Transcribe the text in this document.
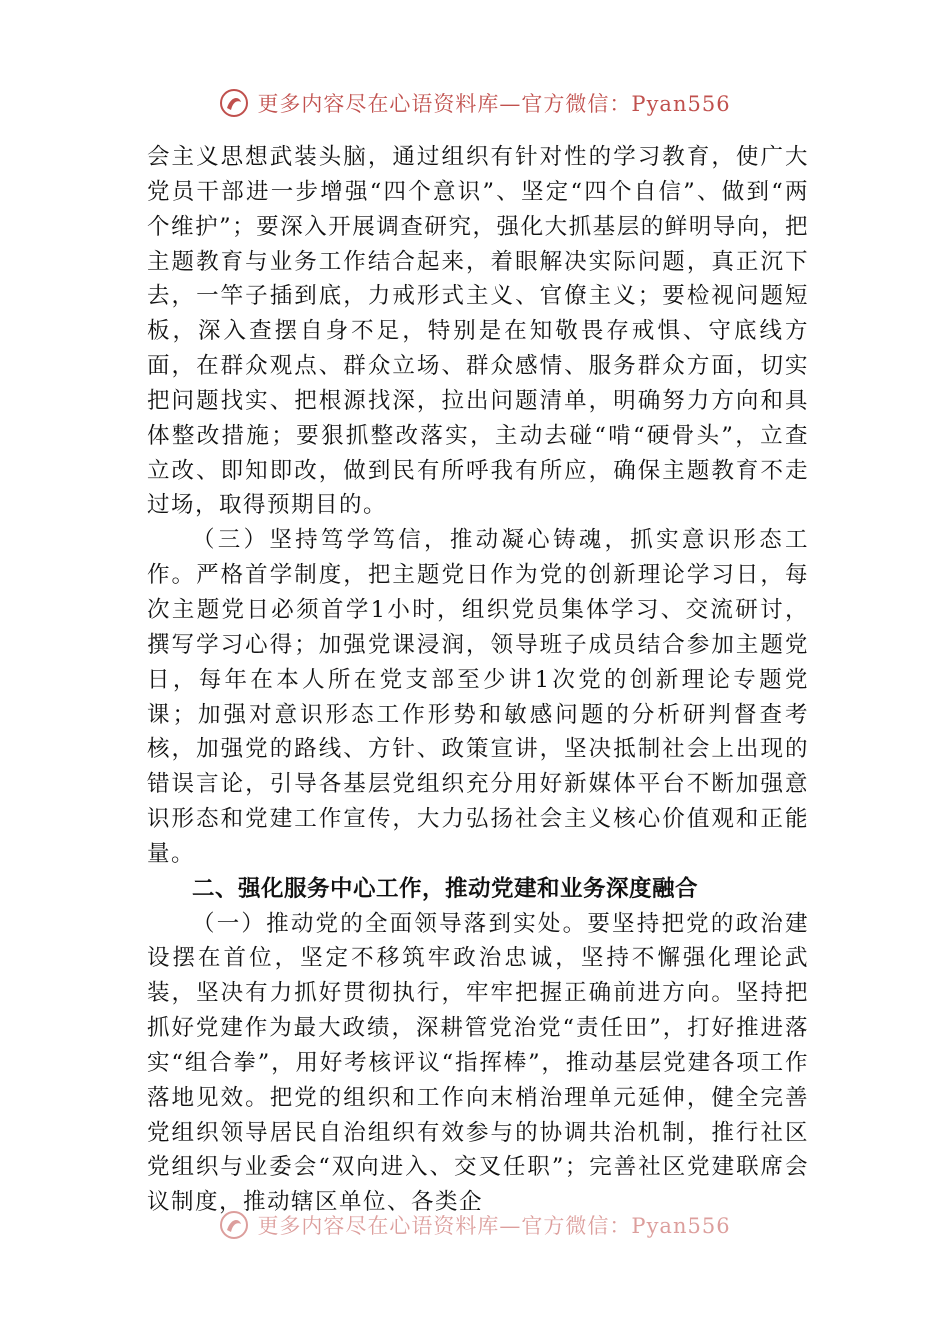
更多内容尽在心语资料库—官方微信：Pyan556

会主义思想武装头脑，通过组织有针对性的学习教育，使广大党员干部进一步增强“四个意识”、坚定“四个自信”、做到“两个维护”；要深入开展调查研究，强化大抓基层的鲜明导向，把主题教育与业务工作结合起来，着眼解决实际问题，真正沉下去，一竿子插到底，力戒形式主义、官僚主义；要检视问题短板，深入查摆自身不足，特别是在知敬畏存戒惧、守底线方面，在群众观点、群众立场、群众感情、服务群众方面，切实把问题找实、把根源找深，拉出问题清单，明确努力方向和具体整改措施；要狠抓整改落实，主动去碰“啃“硬骨头”，立查立改、即知即改，做到民有所呼我有所应，确保主题教育不走过场，取得预期目的。

（三）坚持笃学笃信，推动凝心铸魂，抓实意识形态工作。严格首学制度，把主题党日作为党的创新理论学习日，每次主题党日必须首学1小时，组织党员集体学习、交流研讨，撰写学习心得；加强党课浸润，领导班子成员结合参加主题党日，每年在本人所在党支部至少讲1次党的创新理论专题党课；加强对意识形态工作形势和敏感问题的分析研判督查考核，加强党的路线、方针、政策宣讲，坚决抵制社会上出现的错误言论，引导各基层党组织充分用好新媒体平台不断加强意识形态和党建工作宣传，大力弘扬社会主义核心价值观和正能量。

二、强化服务中心工作，推动党建和业务深度融合

（一）推动党的全面领导落到实处。要坚持把党的政治建设摆在首位，坚定不移筑牢政治忠诚，坚持不懈强化理论武装，坚决有力抓好贯彻执行，牢牢把握正确前进方向。坚持把抓好党建作为最大政绩，深耕管党治党“责任田”，打好推进落实“组合拳”，用好考核评议“指挥棒”，推动基层党建各项工作落地见效。把党的组织和工作向末梢治理单元延伸，健全完善党组织领导居民自治组织有效参与的协调共治机制，推行社区党组织与业委会“双向进入、交叉任职”；完善社区党建联席会议制度，推动辖区单位、各类企

更多内容尽在心语资料库—官方微信：Pyan556
